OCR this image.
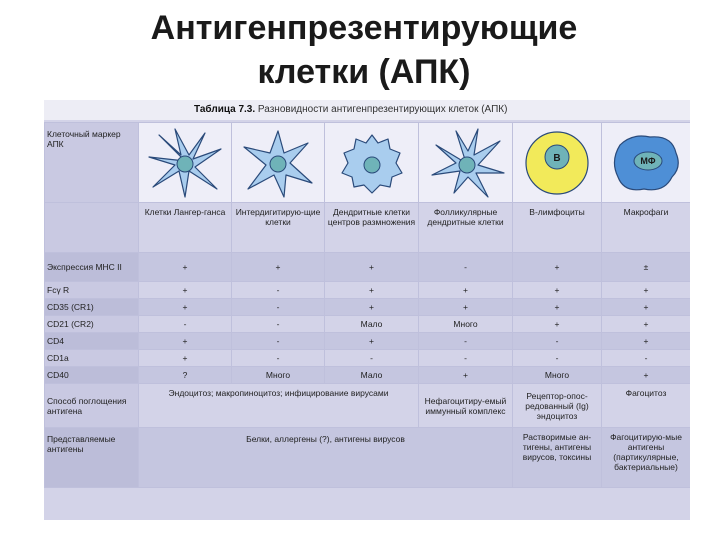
Антигенпрезентирующие
клетки (АПК)
Таблица 7.3. Разновидности антигенпрезентирующих клеток (АПК)
Клеточный маркер АПК					B	МФ

	Клетки Лангер-ганса	Интердигитирую-щие клетки	Дендритные клетки центров размножения	Фолликулярные дендритные клетки	B-лимфоциты	Макрофаги
Экспрессия МНС II	+	+	+	-	+	±
Fcγ R	+	-	+	+	+	+
CD35 (CR1)	+	-	+	+	+	+
CD21 (CR2)	-	-	Мало	Много	+	+
CD4	+	-	+	-	-	+
CD1a	+	-	-	-	-	-
CD40	?	Много	Мало	+	Много	+
Способ поглощения антигена	Эндоцитоз; макропиноцитоз; инфицирование вирусами			Нефагоцитиру-емый иммунный комплекс	Рецептор-опос-редованный (Ig) эндоцитоз	Фагоцитоз
Представляемые антигены	Белки, аллергены (?), антигены вирусов				Растворимые ан-тигены, антигены вирусов, токсины	Фагоцитирую-мые антигены (партикулярные, бактериальные)
